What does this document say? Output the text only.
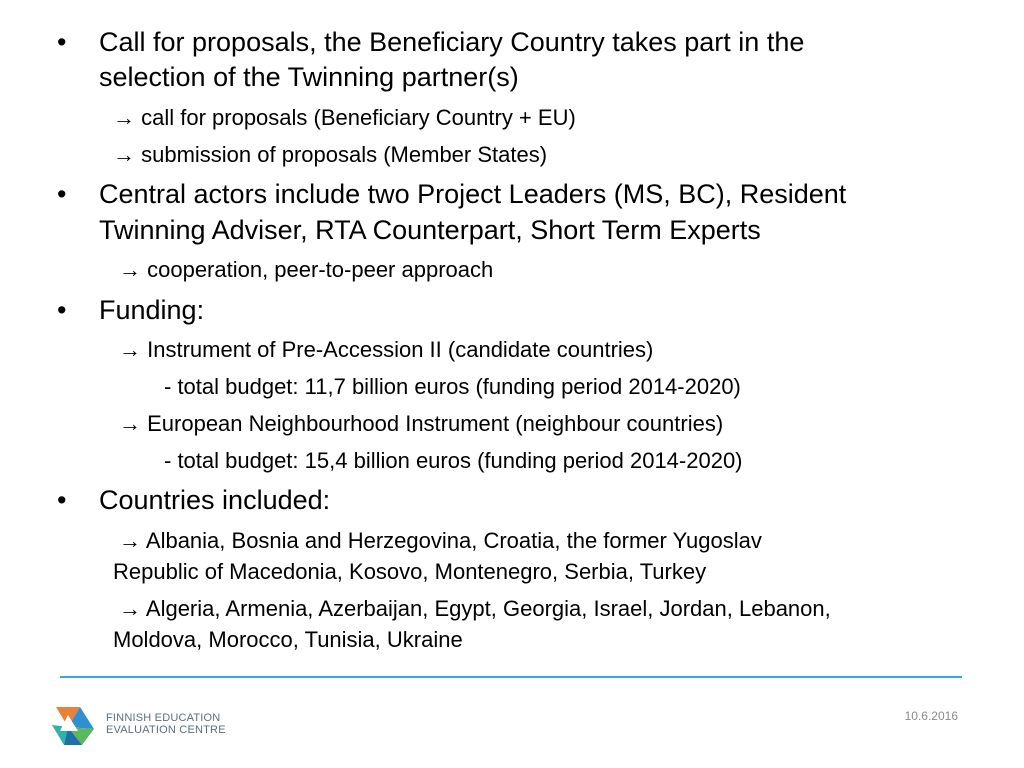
• Call for proposals, the Beneficiary Country takes part in the
selection of the Twinning partner(s)
→ call for proposals (Beneficiary Country + EU)
→ submission of proposals (Member States)
• Central actors include two Project Leaders (MS, BC), Resident
Twinning Adviser, RTA Counterpart, Short Term Experts
→ cooperation, peer-to-peer approach
• Funding:
→ Instrument of Pre-Accession II (candidate countries)
- total budget: 11,7 billion euros (funding period 2014-2020)
→ European Neighbourhood Instrument (neighbour countries)
- total budget: 15,4 billion euros (funding period 2014-2020)
• Countries included:
→ Albania, Bosnia and Herzegovina, Croatia, the former Yugoslav
Republic of Macedonia, Kosovo, Montenegro, Serbia, Turkey
→ Algeria, Armenia, Azerbaijan, Egypt, Georgia, Israel, Jordan, Lebanon,
Moldova, Morocco, Tunisia, Ukraine
FINNISH EDUCATION
EVALUATION CENTRE
10.6.2016
